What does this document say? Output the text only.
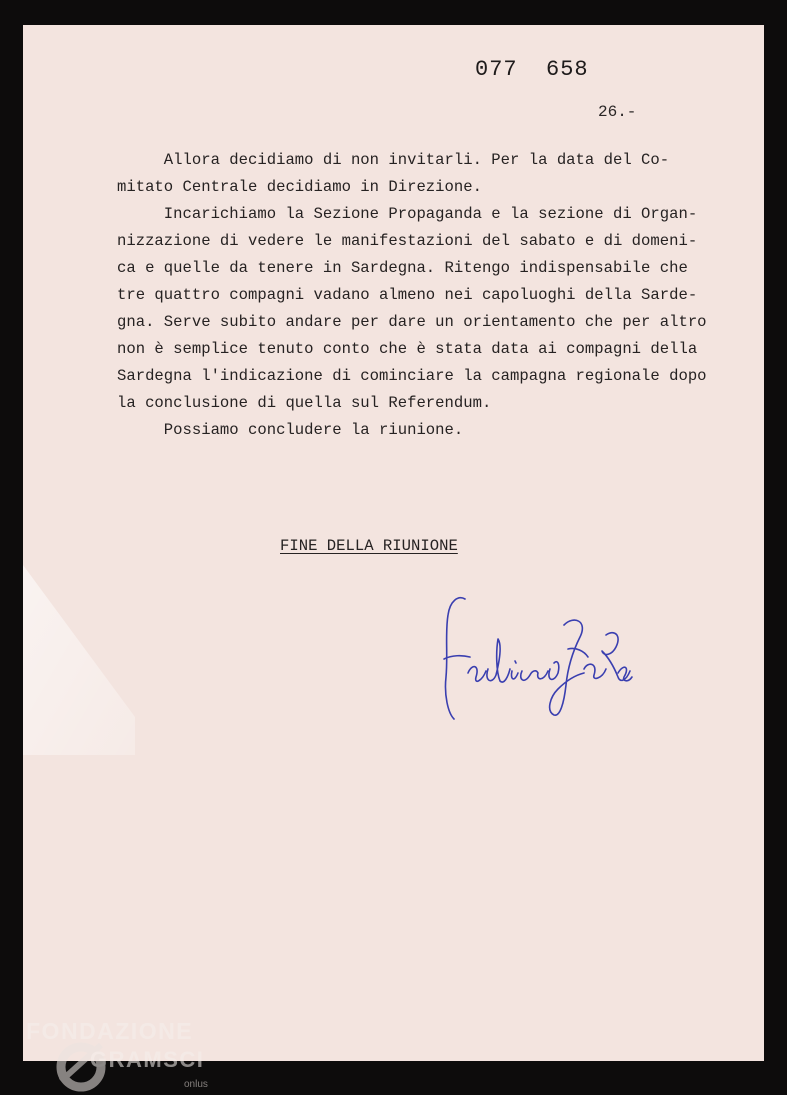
077  658

26.-

Allora decidiamo di non invitarli. Per la data del Co-
mitato Centrale decidiamo in Direzione.
Incarichiamo la Sezione Propaganda e la sezione di Organ-
nizzazione di vedere le manifestazioni del sabato e di domeni-
ca e quelle da tenere in Sardegna. Ritengo indispensabile che
tre quattro compagni vadano almeno nei capoluoghi della Sarde-
gna. Serve subito andare per dare un orientamento che per altro
non è semplice tenuto conto che è stata data ai compagni della
Sardegna l'indicazione di cominciare la campagna regionale dopo
la conclusione di quella sul Referendum.
Possiamo concludere la riunione.

FINE DELLA RIUNIONE

FONDAZIONE
GRAMSCI
onlus
